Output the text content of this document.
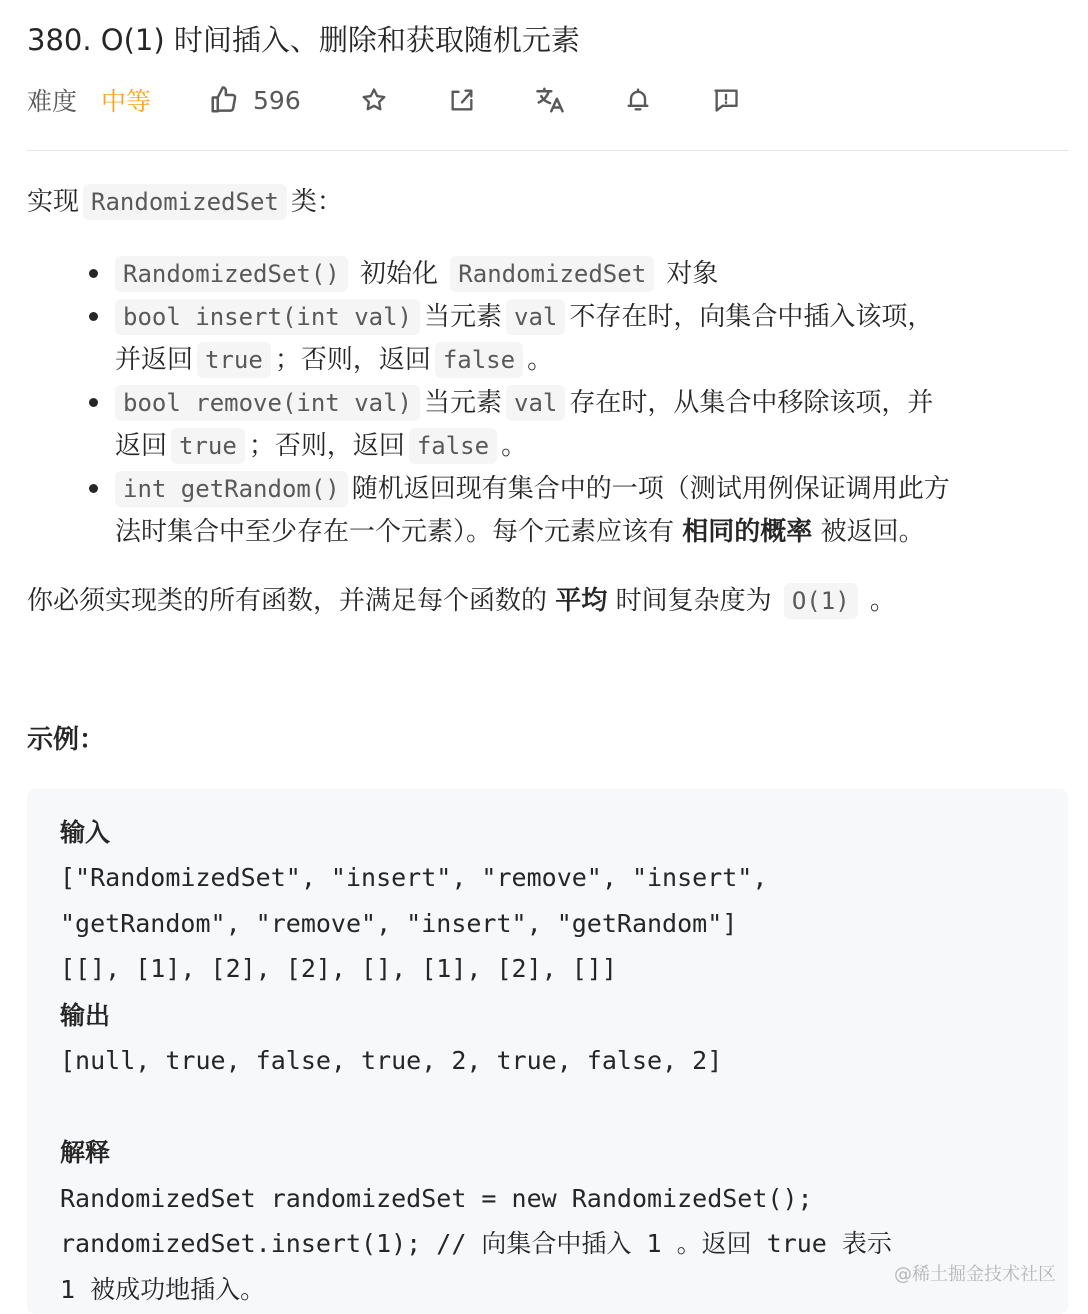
380. O(1) 时间插入、删除和获取随机元素
难度 中等	596
实现 RandomizedSet 类：
RandomizedSet() 初始化 RandomizedSet 对象
bool insert(int val) 当元素 val 不存在时，向集合中插入该项，
并返回 true ；否则，返回 false 。
bool remove(int val) 当元素 val 存在时，从集合中移除该项，并
返回 true ；否则，返回 false 。
int getRandom() 随机返回现有集合中的一项（测试用例保证调用此方
法时集合中至少存在一个元素）。每个元素应该有 相同的概率 被返回。
你必须实现类的所有函数，并满足每个函数的 平均 时间复杂度为 O(1) 。
示例：
输入
["RandomizedSet", "insert", "remove", "insert",
"getRandom", "remove", "insert", "getRandom"]
[[], [1], [2], [2], [], [1], [2], []]
输出
[null, true, false, true, 2, true, false, 2]
解释
RandomizedSet randomizedSet = new RandomizedSet();
randomizedSet.insert(1); // 向集合中插入 1 。返回 true 表示
1 被成功地插入。
@稀土掘金技术社区
